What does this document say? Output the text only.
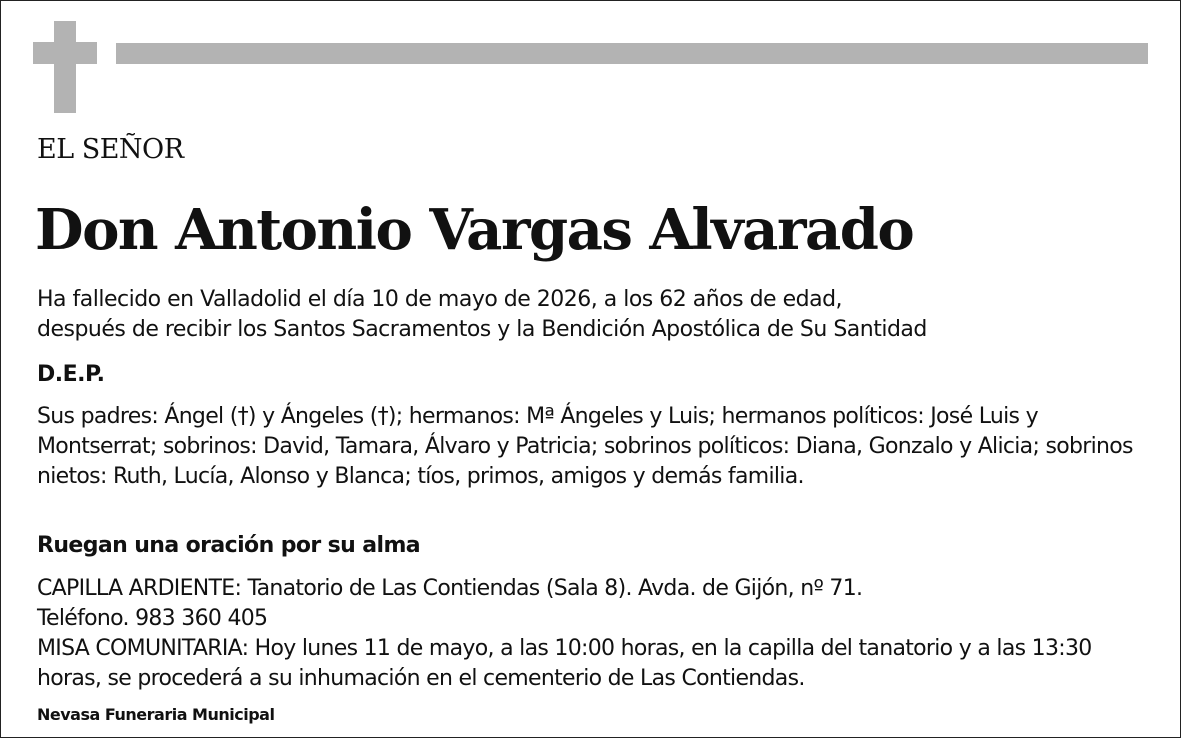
EL SEÑOR

Don Antonio Vargas Alvarado

Ha fallecido en Valladolid el día 10 de mayo de 2026, a los 62 años de edad,
después de recibir los Santos Sacramentos y la Bendición Apostólica de Su Santidad

D.E.P.

Sus padres: Ángel (†) y Ángeles (†); hermanos: Mª Ángeles y Luis; hermanos políticos: José Luis y Montserrat; sobrinos: David, Tamara, Álvaro y Patricia; sobrinos políticos: Diana, Gonzalo y Alicia; sobrinos nietos: Ruth, Lucía, Alonso y Blanca; tíos, primos, amigos y demás familia.

Ruegan una oración por su alma

CAPILLA ARDIENTE: Tanatorio de Las Contiendas (Sala 8). Avda. de Gijón, nº 71.
Teléfono. 983 360 405
MISA COMUNITARIA: Hoy lunes 11 de mayo, a las 10:00 horas, en la capilla del tanatorio y a las 13:30 horas, se procederá a su inhumación en el cementerio de Las Contiendas.

Nevasa Funeraria Municipal
